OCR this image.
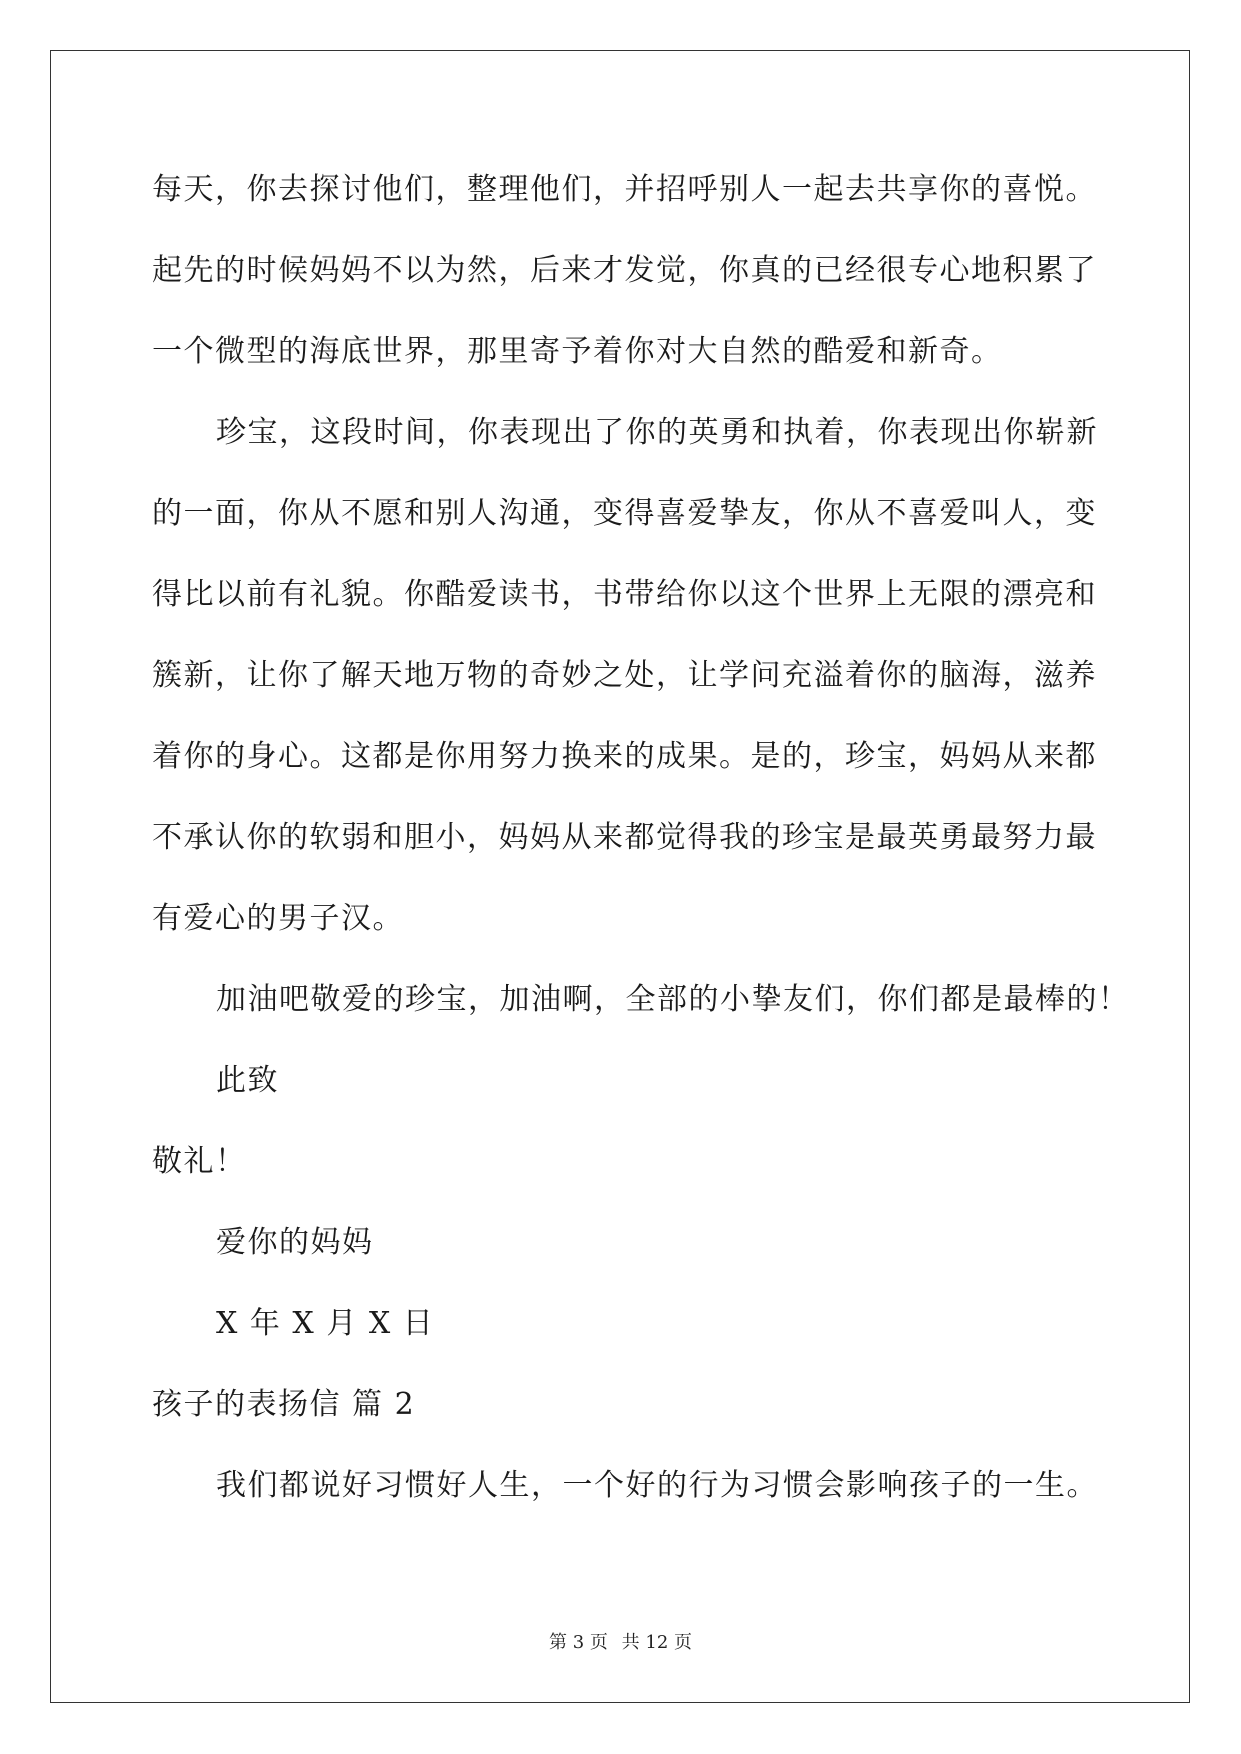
每天，你去探讨他们，整理他们，并招呼别人一起去共享你的喜悦。
起先的时候妈妈不以为然，后来才发觉，你真的已经很专心地积累了
一个微型的海底世界，那里寄予着你对大自然的酷爱和新奇。
珍宝，这段时间，你表现出了你的英勇和执着，你表现出你崭新
的一面，你从不愿和别人沟通，变得喜爱挚友，你从不喜爱叫人，变
得比以前有礼貌。你酷爱读书，书带给你以这个世界上无限的漂亮和
簇新，让你了解天地万物的奇妙之处，让学问充溢着你的脑海，滋养
着你的身心。这都是你用努力换来的成果。是的，珍宝，妈妈从来都
不承认你的软弱和胆小，妈妈从来都觉得我的珍宝是最英勇最努力最
有爱心的男子汉。
加油吧敬爱的珍宝，加油啊，全部的小挚友们，你们都是最棒的！
此致
敬礼！
爱你的妈妈
X 年 X 月 X 日
孩子的表扬信 篇 2
我们都说好习惯好人生，一个好的行为习惯会影响孩子的一生。
第 3 页 共 12 页
